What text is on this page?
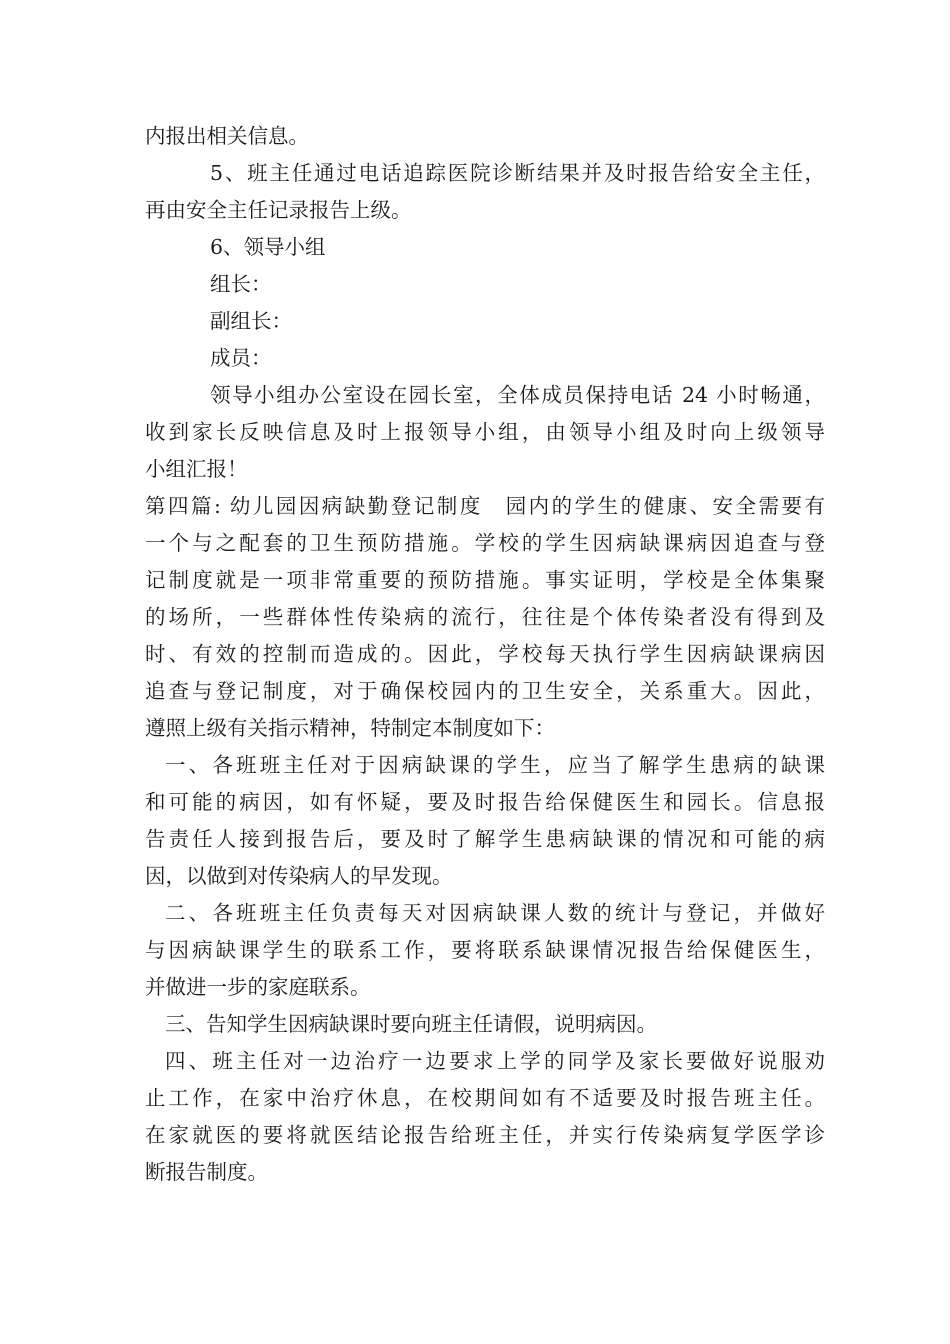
内报出相关信息。
5、班主任通过电话追踪医院诊断结果并及时报告给安全主任，
再由安全主任记录报告上级。
6、领导小组
组长：
副组长：
成员：
领导小组办公室设在园长室，全体成员保持电话 24 小时畅通，
收到家长反映信息及时上报领导小组，由领导小组及时向上级领导
小组汇报！
第四篇: 幼儿园因病缺勤登记制度　园内的学生的健康、安全需要有
一个与之配套的卫生预防措施。学校的学生因病缺课病因追查与登
记制度就是一项非常重要的预防措施。事实证明，学校是全体集聚
的场所，一些群体性传染病的流行，往往是个体传染者没有得到及
时、有效的控制而造成的。因此，学校每天执行学生因病缺课病因
追查与登记制度，对于确保校园内的卫生安全，关系重大。因此，
遵照上级有关指示精神，特制定本制度如下：
一、各班班主任对于因病缺课的学生，应当了解学生患病的缺课
和可能的病因，如有怀疑，要及时报告给保健医生和园长。信息报
告责任人接到报告后，要及时了解学生患病缺课的情况和可能的病
因，以做到对传染病人的早发现。
二、各班班主任负责每天对因病缺课人数的统计与登记，并做好
与因病缺课学生的联系工作，要将联系缺课情况报告给保健医生，
并做进一步的家庭联系。
三、告知学生因病缺课时要向班主任请假，说明病因。
四、班主任对一边治疗一边要求上学的同学及家长要做好说服劝
止工作，在家中治疗休息，在校期间如有不适要及时报告班主任。
在家就医的要将就医结论报告给班主任，并实行传染病复学医学诊
断报告制度。
